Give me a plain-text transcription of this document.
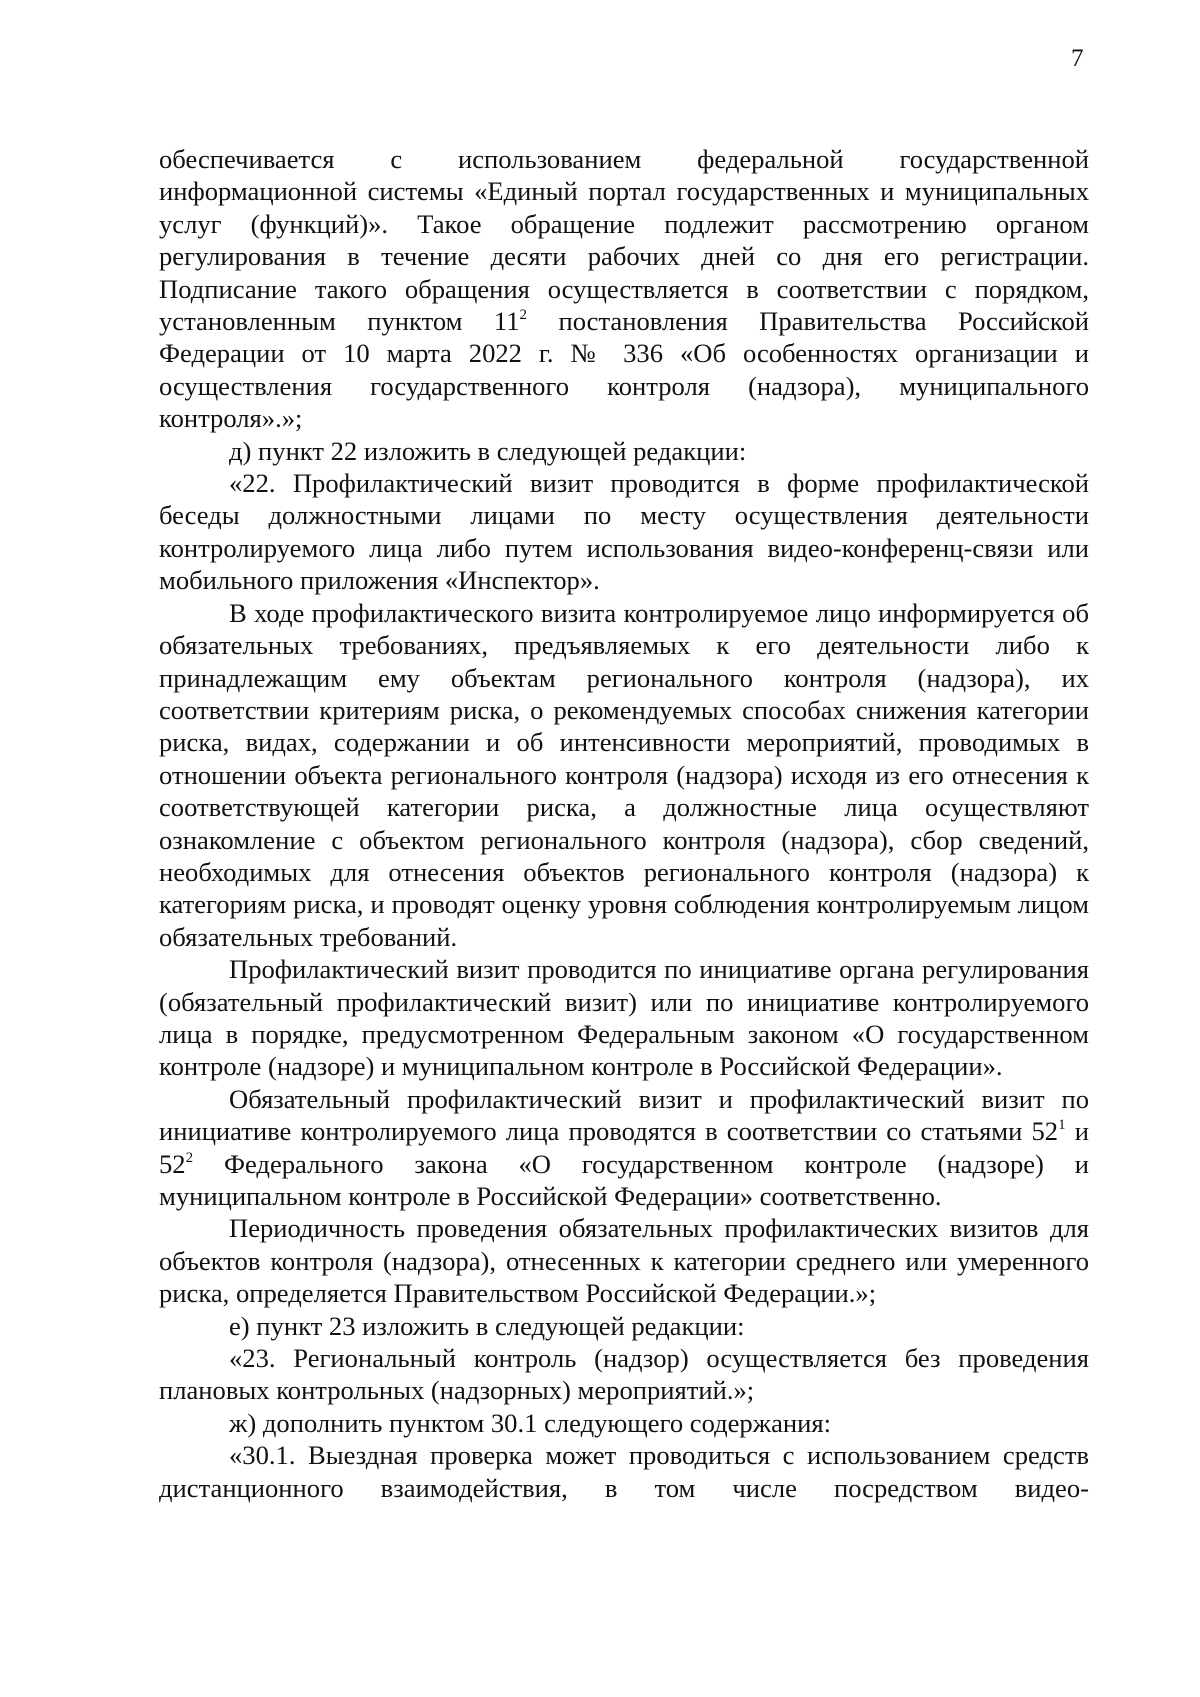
7

обеспечивается с использованием федеральной государственной информационной системы «Единый портал государственных и муниципальных услуг (функций)». Такое обращение подлежит рассмотрению органом регулирования в течение десяти рабочих дней со дня его регистрации. Подписание такого обращения осуществляется в соответствии с порядком, установленным пунктом $11^2$ постановления Правительства Российской Федерации от 10 марта 2022 г. № 336 «Об особенностях организации и осуществления государственного контроля (надзора), муниципального контроля».»;

д) пункт 22 изложить в следующей редакции:

«22. Профилактический визит проводится в форме профилактической беседы должностными лицами по месту осуществления деятельности контролируемого лица либо путем использования видео-конференц-связи или мобильного приложения «Инспектор».

В ходе профилактического визита контролируемое лицо информируется об обязательных требованиях, предъявляемых к его деятельности либо к принадлежащим ему объектам регионального контроля (надзора), их соответствии критериям риска, о рекомендуемых способах снижения категории риска, видах, содержании и об интенсивности мероприятий, проводимых в отношении объекта регионального контроля (надзора) исходя из его отнесения к соответствующей категории риска, а должностные лица осуществляют ознакомление с объектом регионального контроля (надзора), сбор сведений, необходимых для отнесения объектов регионального контроля (надзора) к категориям риска, и проводят оценку уровня соблюдения контролируемым лицом обязательных требований.

Профилактический визит проводится по инициативе органа регулирования (обязательный профилактический визит) или по инициативе контролируемого лица в порядке, предусмотренном Федеральным законом «О государственном контроле (надзоре) и муниципальном контроле в Российской Федерации».

Обязательный профилактический визит и профилактический визит по инициативе контролируемого лица проводятся в соответствии со статьями $52^1$ и $52^2$ Федерального закона «О государственном контроле (надзоре) и муниципальном контроле в Российской Федерации» соответственно.

Периодичность проведения обязательных профилактических визитов для объектов контроля (надзора), отнесенных к категории среднего или умеренного риска, определяется Правительством Российской Федерации.»;

е) пункт 23 изложить в следующей редакции:

«23. Региональный контроль (надзор) осуществляется без проведения плановых контрольных (надзорных) мероприятий.»;

ж) дополнить пунктом 30.1 следующего содержания:

«30.1. Выездная проверка может проводиться с использованием средств дистанционного взаимодействия, в том числе посредством видео-
